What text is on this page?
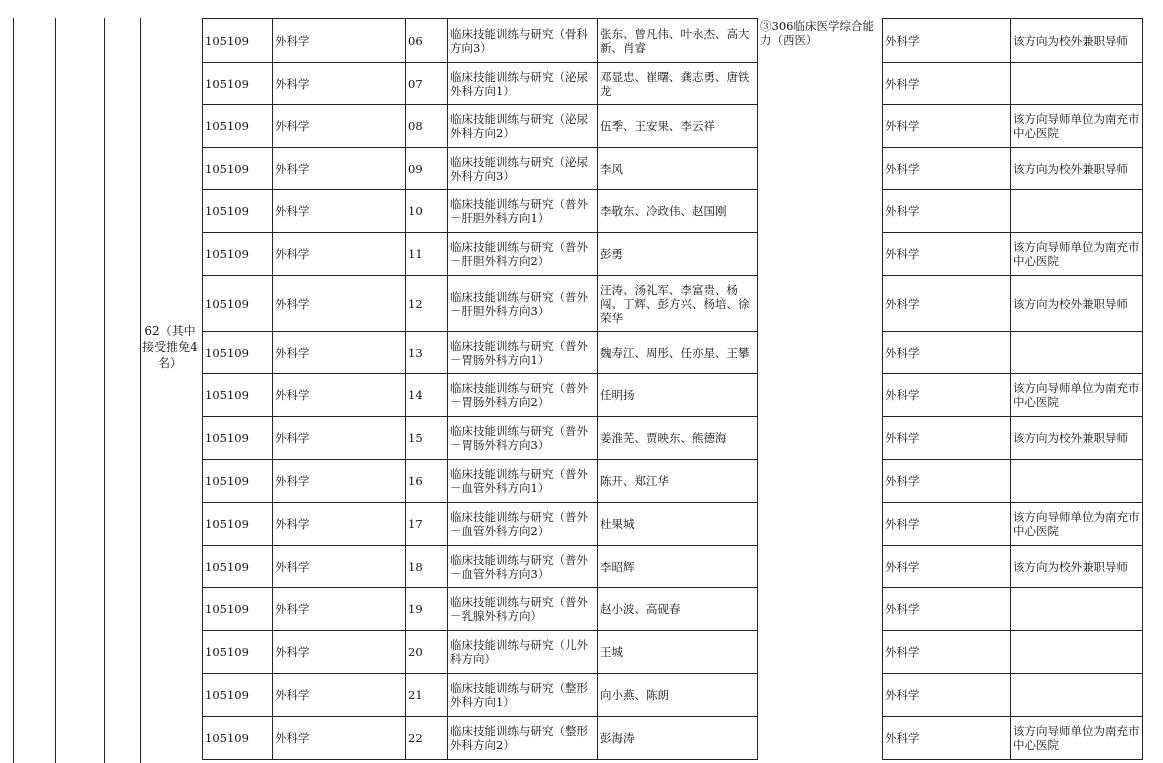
62（其中接受推免4名）
105109	外科学	06	临床技能训练与研究（骨科方向3）	张东、曾凡伟、叶永杰、高大新、肖睿	③306临床医学综合能力（西医）	外科学	该方向为校外兼职导师
105109	外科学	07	临床技能训练与研究（泌尿外科方向1）	邓显忠、崔曙、龚志勇、唐铁龙		外科学	
105109	外科学	08	临床技能训练与研究（泌尿外科方向2）	伍季、王安果、李云祥		外科学	该方向导师单位为南充市中心医院
105109	外科学	09	临床技能训练与研究（泌尿外科方向3）	李风		外科学	该方向为校外兼职导师
105109	外科学	10	临床技能训练与研究（普外－肝胆外科方向1）	李敬东、冷政伟、赵国刚		外科学	
105109	外科学	11	临床技能训练与研究（普外－肝胆外科方向2）	彭勇		外科学	该方向导师单位为南充市中心医院
105109	外科学	12	临床技能训练与研究（普外－肝胆外科方向3）	汪涛、汤礼军、李富贵、杨闯、丁辉、彭方兴、杨培、徐荣华		外科学	该方向为校外兼职导师
105109	外科学	13	临床技能训练与研究（普外－胃肠外科方向1）	魏寿江、周彤、任亦星、王攀		外科学	
105109	外科学	14	临床技能训练与研究（普外－胃肠外科方向2）	任明扬		外科学	该方向导师单位为南充市中心医院
105109	外科学	15	临床技能训练与研究（普外－胃肠外科方向3）	姜淮芜、贾映东、熊德海		外科学	该方向为校外兼职导师
105109	外科学	16	临床技能训练与研究（普外－血管外科方向1）	陈开、郑江华		外科学	
105109	外科学	17	临床技能训练与研究（普外－血管外科方向2）	杜果城		外科学	该方向导师单位为南充市中心医院
105109	外科学	18	临床技能训练与研究（普外－血管外科方向3）	李昭辉		外科学	该方向为校外兼职导师
105109	外科学	19	临床技能训练与研究（普外－乳腺外科方向）	赵小波、高砚春		外科学	
105109	外科学	20	临床技能训练与研究（儿外科方向）	王城		外科学	
105109	外科学	21	临床技能训练与研究（整形外科方向1）	向小燕、陈朗		外科学	
105109	外科学	22	临床技能训练与研究（整形外科方向2）	彭海涛		外科学	该方向导师单位为南充市中心医院
